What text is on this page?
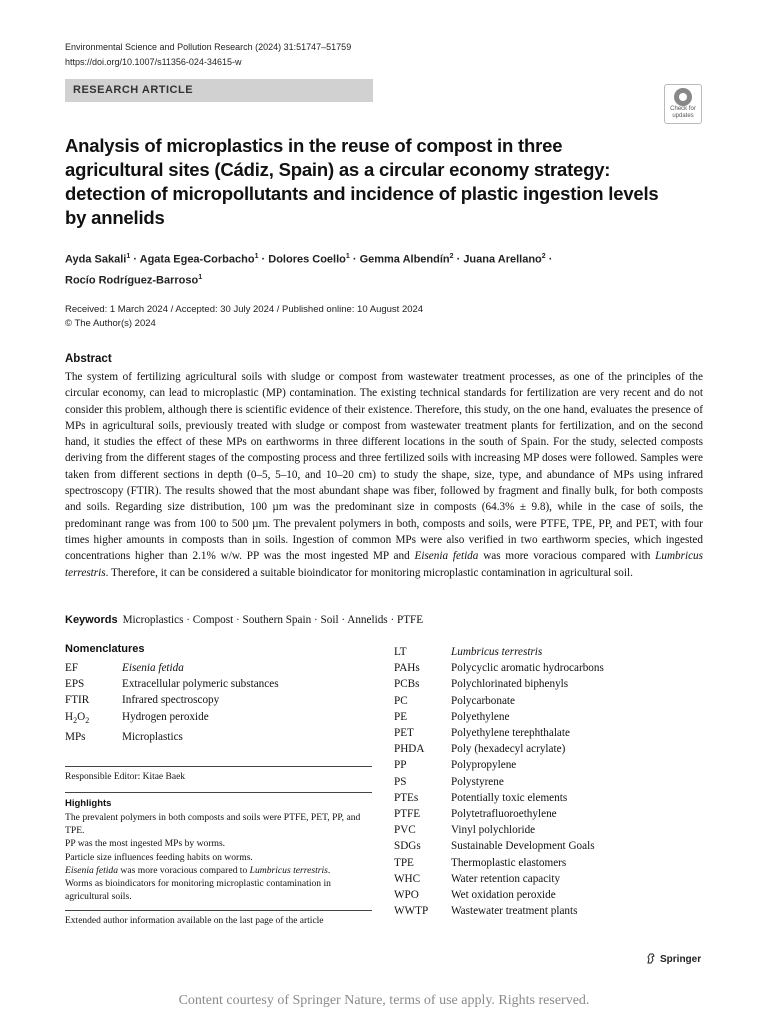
Environmental Science and Pollution Research (2024) 31:51747–51759
https://doi.org/10.1007/s11356-024-34615-w
RESEARCH ARTICLE
Check for
updates
Analysis of microplastics in the reuse of compost in three agricultural sites (Cádiz, Spain) as a circular economy strategy: detection of micropollutants and incidence of plastic ingestion levels by annelids
Ayda Sakali$^1$ · Agata Egea-Corbacho$^1$ · Dolores Coello$^1$ · Gemma Albendín$^2$ · Juana Arellano$^2$ ·
Rocío Rodríguez-Barroso$^1$
Received: 1 March 2024 / Accepted: 30 July 2024 / Published online: 10 August 2024
© The Author(s) 2024
Abstract
The system of fertilizing agricultural soils with sludge or compost from wastewater treatment processes, as one of the principles of the circular economy, can lead to microplastic (MP) contamination. The existing technical standards for fertilization are very recent and do not consider this problem, although there is scientific evidence of their existence. Therefore, this study, on the one hand, evaluates the presence of MPs in agricultural soils, previously treated with sludge or compost from wastewater treatment plants for fertilization, and on the second hand, it studies the effect of these MPs on earthworms in three different locations in the south of Spain. For the study, selected composts deriving from the different stages of the composting process and three fertilized soils with increasing MP doses were followed. Samples were taken from different sections in depth (0–5, 5–10, and 10–20 cm) to study the shape, size, type, and abundance of MPs using infrared spectroscopy (FTIR). The results showed that the most abundant shape was fiber, followed by fragment and finally bulk, for both composts and soils. Regarding size distribution, 100 µm was the predominant size in composts (64.3% ± 9.8), while in the case of soils, the predominant range was from 100 to 500 µm. The prevalent polymers in both, composts and soils, were PTFE, TPE, PP, and PET, with four times higher amounts in composts than in soils. Ingestion of common MPs were also verified in two earthworm species, which ingested concentrations higher than 2.1% w/w. PP was the most ingested MP and Eisenia fetida was more voracious compared with Lumbricus terrestris. Therefore, it can be considered a suitable bioindicator for monitoring microplastic contamination in agricultural soil.
Keywords Microplastics · Compost · Southern Spain · Soil · Annelids · PTFE
Nomenclatures
EF	Eisenia fetida
EPS	Extracellular polymeric substances
FTIR	Infrared spectroscopy
$H_2O_2$	Hydrogen peroxide
MPs	Microplastics
LT	Lumbricus terrestris
PAHs	Polycyclic aromatic hydrocarbons
PCBs	Polychlorinated biphenyls
PC	Polycarbonate
PE	Polyethylene
PET	Polyethylene terephthalate
PHDA	Poly (hexadecyl acrylate)
PP	Polypropylene
PS	Polystyrene
PTEs	Potentially toxic elements
PTFE	Polytetrafluoroethylene
PVC	Vinyl polychloride
SDGs	Sustainable Development Goals
TPE	Thermoplastic elastomers
WHC	Water retention capacity
WPO	Wet oxidation peroxide
WWTP	Wastewater treatment plants
Responsible Editor: Kitae Baek
Highlights
The prevalent polymers in both composts and soils were PTFE, PET, PP, and TPE.
PP was the most ingested MPs by worms.
Particle size influences feeding habits on worms.
Eisenia fetida was more voracious compared to Lumbricus terrestris.
Worms as bioindicators for monitoring microplastic contamination in agricultural soils.
Extended author information available on the last page of the article
Springer
Content courtesy of Springer Nature, terms of use apply. Rights reserved.
